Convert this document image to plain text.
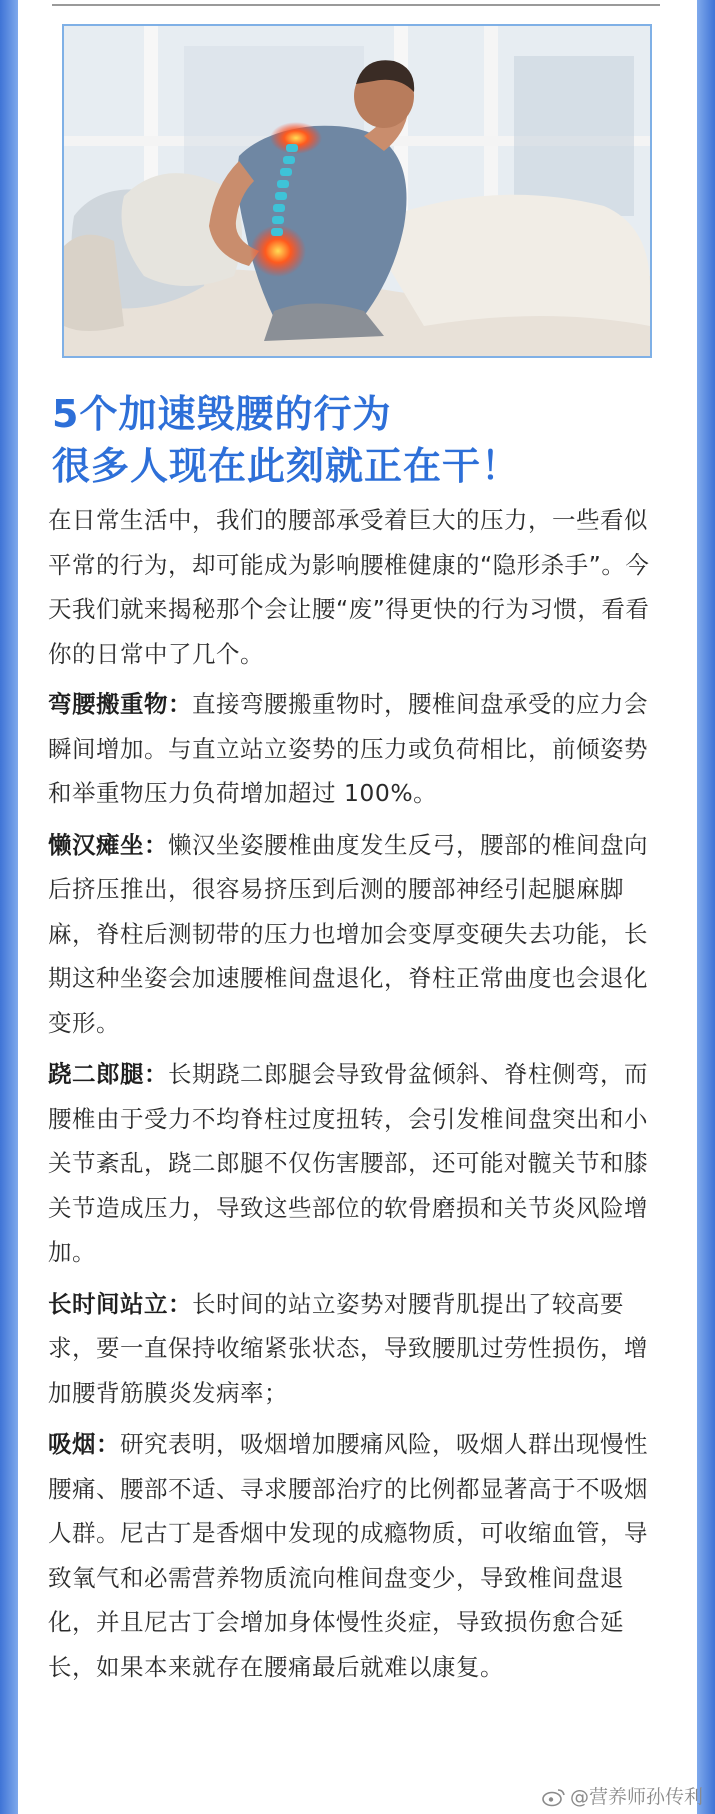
5个加速毁腰的行为
很多人现在此刻就正在干！

在日常生活中，我们的腰部承受着巨大的压力，一些看似平常的行为，却可能成为影响腰椎健康的“隐形杀手”。今天我们就来揭秘那个会让腰“废”得更快的行为习惯，看看你的日常中了几个。

弯腰搬重物：直接弯腰搬重物时，腰椎间盘承受的应力会瞬间增加。与直立站立姿势的压力或负荷相比，前倾姿势和举重物压力负荷增加超过 100%。

懒汉瘫坐：懒汉坐姿腰椎曲度发生反弓，腰部的椎间盘向后挤压推出，很容易挤压到后测的腰部神经引起腿麻脚麻，脊柱后测韧带的压力也增加会变厚变硬失去功能，长期这种坐姿会加速腰椎间盘退化，脊柱正常曲度也会退化变形。

跷二郎腿：长期跷二郎腿会导致骨盆倾斜、脊柱侧弯，而腰椎由于受力不均脊柱过度扭转，会引发椎间盘突出和小关节紊乱，跷二郎腿不仅伤害腰部，还可能对髋关节和膝关节造成压力，导致这些部位的软骨磨损和关节炎风险增加。

长时间站立：长时间的站立姿势对腰背肌提出了较高要求，要一直保持收缩紧张状态，导致腰肌过劳性损伤，增加腰背筋膜炎发病率；

吸烟：研究表明，吸烟增加腰痛风险，吸烟人群出现慢性腰痛、腰部不适、寻求腰部治疗的比例都显著高于不吸烟人群。尼古丁是香烟中发现的成瘾物质，可收缩血管，导致氧气和必需营养物质流向椎间盘变少，导致椎间盘退化，并且尼古丁会增加身体慢性炎症，导致损伤愈合延长，如果本来就存在腰痛最后就难以康复。

@营养师孙传利
